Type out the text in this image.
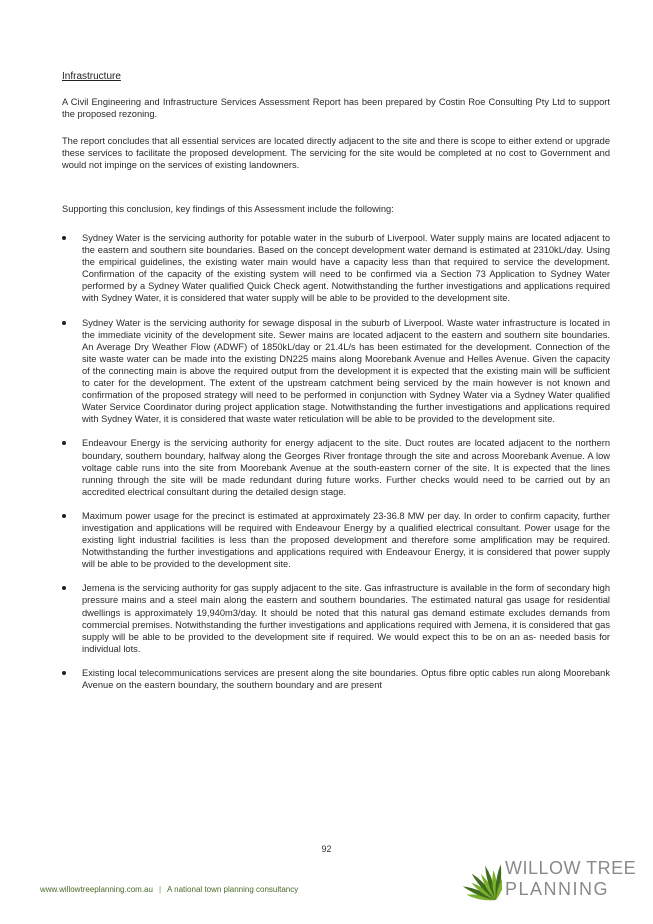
Infrastructure

A Civil Engineering and Infrastructure Services Assessment Report has been prepared by Costin Roe Consulting Pty Ltd to support the proposed rezoning.

The report concludes that all essential services are located directly adjacent to the site and there is scope to either extend or upgrade these services to facilitate the proposed development. The servicing for the site would be completed at no cost to Government and would not impinge on the services of existing landowners.

Supporting this conclusion, key findings of this Assessment include the following:

Sydney Water is the servicing authority for potable water in the suburb of Liverpool. Water supply mains are located adjacent to the eastern and southern site boundaries. Based on the concept development water demand is estimated at 2310kL/day. Using the empirical guidelines, the existing water main would have a capacity less than that required to service the development. Confirmation of the capacity of the existing system will need to be confirmed via a Section 73 Application to Sydney Water performed by a Sydney Water qualified Quick Check agent. Notwithstanding the further investigations and applications required with Sydney Water, it is considered that water supply will be able to be provided to the development site.
Sydney Water is the servicing authority for sewage disposal in the suburb of Liverpool. Waste water infrastructure is located in the immediate vicinity of the development site. Sewer mains are located adjacent to the eastern and southern site boundaries. An Average Dry Weather Flow (ADWF) of 1850kL/day or 21.4L/s has been estimated for the development. Connection of the site waste water can be made into the existing DN225 mains along Moorebank Avenue and Helles Avenue. Given the capacity of the connecting main is above the required output from the development it is expected that the existing main will be sufficient to cater for the development. The extent of the upstream catchment being serviced by the main however is not known and confirmation of the proposed strategy will need to be performed in conjunction with Sydney Water via a Sydney Water qualified Water Service Coordinator during project application stage. Notwithstanding the further investigations and applications required with Sydney Water, it is considered that waste water reticulation will be able to be provided to the development site.
Endeavour Energy is the servicing authority for energy adjacent to the site. Duct routes are located adjacent to the northern boundary, southern boundary, halfway along the Georges River frontage through the site and across Moorebank Avenue. A low voltage cable runs into the site from Moorebank Avenue at the south-eastern corner of the site. It is expected that the lines running through the site will be made redundant during future works. Further checks would need to be carried out by an accredited electrical consultant during the detailed design stage.
Maximum power usage for the precinct is estimated at approximately 23-36.8 MW per day. In order to confirm capacity, further investigation and applications will be required with Endeavour Energy by a qualified electrical consultant. Power usage for the existing light industrial facilities is less than the proposed development and therefore some amplification may be required. Notwithstanding the further investigations and applications required with Endeavour Energy, it is considered that power supply will be able to be provided to the development site.
Jemena is the servicing authority for gas supply adjacent to the site. Gas infrastructure is available in the form of secondary high pressure mains and a steel main along the eastern and southern boundaries. The estimated natural gas usage for residential dwellings is approximately 19,940m3/day. It should be noted that this natural gas demand estimate excludes demands from commercial premises. Notwithstanding the further investigations and applications required with Jemena, it is considered that gas supply will be able to be provided to the development site if required. We would expect this to be on an as- needed basis for individual lots.
Existing local telecommunications services are present along the site boundaries. Optus fibre optic cables run along Moorebank Avenue on the eastern boundary, the southern boundary and are present
92
www.willowtreeplanning.com.au | A national town planning consultancy
WILLOW TREE
PLANNING
